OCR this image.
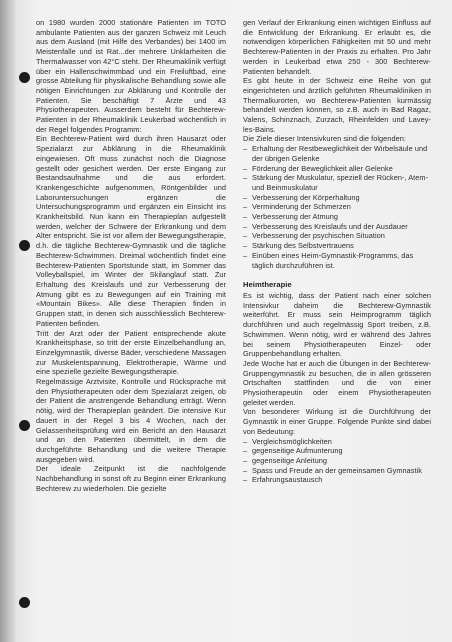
on 1980 wurden 2000 stationäre Patienten im TOTO ambulante Patienten aus der ganzen Schweiz mit Leuch aus dem Ausland (mit Hilfe des Verbandes) bei 1400 im Meistenfalle und ist Rat...der mehrere Unklarheiten die Thermalwasser von 42°C steht. Der Rheumaklinik verfügt über ein Hallenschwimmbad und ein Freiluftbad, eine grosse Abteilung für physikalische Behandlung sowie alle nötigen Einrichtungen zur Abklärung und Kontrolle der Patienten. Sie beschäftigt 7 Ärzte und 43 Physiotherapeuten. Ausserdem besteht für Bechterew-Patienten in der Rheumaklinik Leukerbad wöchentlich in der Regel folgendes Programm:

Ein Bechterew-Patient wird durch ihren Hausarzt oder Spezialarzt zur Abklärung in die Rheumaklinik eingewiesen. Oft muss zunächst noch die Diagnose gestellt oder gesichert werden. Der erste Eingang zur Bestandsaufnahme und die aus erfordert. Krankengeschichte aufgenommen, Röntgenbilder und Laboruntersuchungen ergänzen die Untersuchungsprogramm und ergänzen ein Einsicht ins Krankheitsbild. Nun kann ein Therapieplan aufgestellt werden, welcher der Schwere der Erkrankung und dem Alter entspricht. Sie ist vor allem der Bewegungstherapie, d.h. die tägliche Bechterew-Gymnastik und die tägliche Bechterew-Schwimmen. Dreimal wöchentlich findet eine Bechterew-Patienten Sportstunde statt, im Sommer das Volleyballspiel, im Winter der Skilanglauf statt. Zur Erhaltung des Kreislaufs und zur Verbesserung der Atmung gibt es zu Bewegungen auf ein Training mit «Mountain Bikes». Alle diese Therapien finden in Gruppen statt, in denen sich ausschliesslich Bechterew-Patienten befinden.

Tritt der Arzt oder der Patient entsprechende akute Krankheitsphase, so tritt der erste Einzelbehandlung an, Einzelgymnastik, diverse Bäder, verschiedene Massagen zur Muskelentspannung, Elektrotherapie, Wärme und eine spezielle gezielte Bewegungstherapie.

Regelmässige Arztvisite, Kontrolle und Rücksprache mit den Physiotherapeuten oder dem Spezialarzt zeigen, ob der Patient die anstrengende Behandlung erträgt. Wenn nötig, wird der Therapieplan geändert. Die intensive Kur dauert in der Regel 3 bis 4 Wochen, nach der Gelassenheitsprüfung wird ein Bericht an den Hausarzt und an den Patienten übermittelt, in dem die durchgeführte Behandlung und die weitere Therapie ausgegeben wird.

Der ideale Zeitpunkt ist die nachfolgende Nachbehandlung in sonst oft zu Beginn einer Erkrankung Bechterew zu wiederholen. Die gezielte

gen Verlauf der Erkrankung einen wichtigen Einfluss auf die Entwicklung der Erkrankung. Er erlaubt es, die notwendigen körperlichen Fähigkeiten mit 50 und mehr Bechterew-Patienten in der Praxis zu erhalten. Pro Jahr werden in Leukerbad etwa 250 - 300 Bechterew-Patienten behandelt.

Es gibt heute in der Schweiz eine Reihe von gut eingerichteten und ärztlich geführten Rheumakliniken in Thermalkurorten, wo Bechterew-Patienten kurmässig behandelt werden können, so z.B. auch in Bad Ragaz, Valens, Schinznach, Zurzach, Rheinfelden und Lavey-les-Bains.

Die Ziele dieser Intensivkuren sind die folgenden:

– Erhaltung der Restbeweglichkeit der Wirbelsäule und der übrigen Gelenke
– Förderung der Beweglichkeit aller Gelenke
– Stärkung der Muskulatur, speziell der Rücken-, Atem- und Beinmuskulatur
– Verbesserung der Körperhaltung
– Verminderung der Schmerzen
– Verbesserung der Atmung
– Verbesserung des Kreislaufs und der Ausdauer
– Verbesserung der psychischen Situation
– Stärkung des Selbstvertrauens
– Einüben eines Heim-Gymnastik-Programms, das täglich durchzuführen ist.

Heimtherapie

Es ist wichtig, dass der Patient nach einer solchen Intensivkur daheim die Bechterew-Gymnastik weiterführt. Er muss sein Heimprogramm täglich durchführen und auch regelmässig Sport treiben, z.B. Schwimmen. Wenn nötig, wird er während des Jahres bei seinem Physiotherapeuten Einzel- oder Gruppenbehandlung erhalten.

Jede Woche hat er auch die Übungen in der Bechterew-Gruppengymnastik zu besuchen, die in allen grösseren Ortschaften stattfinden und die von einer Physiotherapeutin oder einem Physiotherapeuten geleitet werden.

Von besonderer Wirkung ist die Durchführung der Gymnastik in einer Gruppe. Folgende Punkte sind dabei von Bedeutung:

– Vergleichsmöglichkeiten
– gegenseitige Aufmunterung
– gegenseitige Anleitung
– Spass und Freude an der gemeinsamen Gymnastik
– Erfahrungsaustausch
